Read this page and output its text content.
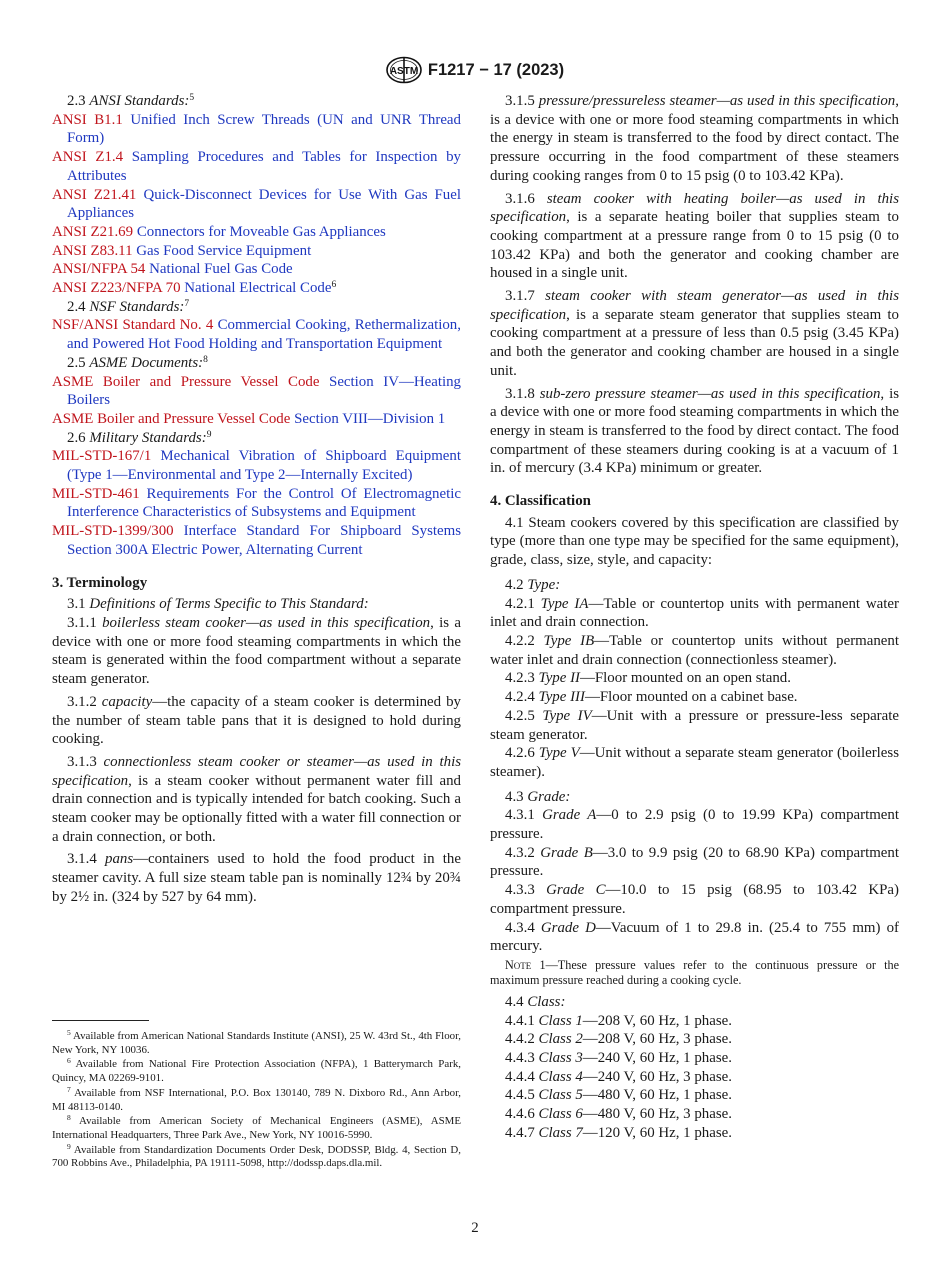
ASTM F1217 − 17 (2023)

2.3 ANSI Standards:$^5$

ANSI B1.1 Unified Inch Screw Threads (UN and UNR Thread Form)

ANSI Z1.4 Sampling Procedures and Tables for Inspection by Attributes

ANSI Z21.41 Quick-Disconnect Devices for Use With Gas Fuel Appliances

ANSI Z21.69 Connectors for Moveable Gas Appliances

ANSI Z83.11 Gas Food Service Equipment

ANSI/NFPA 54 National Fuel Gas Code

ANSI Z223/NFPA 70 National Electrical Code$^6$

2.4 NSF Standards:$^7$

NSF/ANSI Standard No. 4 Commercial Cooking, Rethermalization, and Powered Hot Food Holding and Transportation Equipment

2.5 ASME Documents:$^8$

ASME Boiler and Pressure Vessel Code Section IV—Heating Boilers

ASME Boiler and Pressure Vessel Code Section VIII—Division 1

2.6 Military Standards:$^9$

MIL-STD-167/1 Mechanical Vibration of Shipboard Equipment (Type 1—Environmental and Type 2—Internally Excited)

MIL-STD-461 Requirements For the Control Of Electromagnetic Interference Characteristics of Subsystems and Equipment

MIL-STD-1399/300 Interface Standard For Shipboard Systems Section 300A Electric Power, Alternating Current

3. Terminology

3.1 Definitions of Terms Specific to This Standard:

3.1.1 boilerless steam cooker—as used in this specification, is a device with one or more food steaming compartments in which the steam is generated within the food compartment without a separate steam generator.

3.1.2 capacity—the capacity of a steam cooker is determined by the number of steam table pans that it is designed to hold during cooking.

3.1.3 connectionless steam cooker or steamer—as used in this specification, is a steam cooker without permanent water fill and drain connection and is typically intended for batch cooking. Such a steam cooker may be optionally fitted with a water fill connection or a drain connection, or both.

3.1.4 pans—containers used to hold the food product in the steamer cavity. A full size steam table pan is nominally 12¾ by 20¾ by 2½ in. (324 by 527 by 64 mm).

$^5$ Available from American National Standards Institute (ANSI), 25 W. 43rd St., 4th Floor, New York, NY 10036.

$^6$ Available from National Fire Protection Association (NFPA), 1 Batterymarch Park, Quincy, MA 02269-9101.

$^7$ Available from NSF International, P.O. Box 130140, 789 N. Dixboro Rd., Ann Arbor, MI 48113-0140.

$^8$ Available from American Society of Mechanical Engineers (ASME), ASME International Headquarters, Three Park Ave., New York, NY 10016-5990.

$^9$ Available from Standardization Documents Order Desk, DODSSP, Bldg. 4, Section D, 700 Robbins Ave., Philadelphia, PA 19111-5098, http://dodssp.daps.dla.mil.

3.1.5 pressure/pressureless steamer—as used in this specification, is a device with one or more food steaming compartments in which the energy in steam is transferred to the food by direct contact. The pressure occurring in the food compartment of these steamers during cooking ranges from 0 to 15 psig (0 to 103.42 KPa).

3.1.6 steam cooker with heating boiler—as used in this specification, is a separate heating boiler that supplies steam to cooking compartment at a pressure range from 0 to 15 psig (0 to 103.42 KPa) and both the generator and cooking chamber are housed in a single unit.

3.1.7 steam cooker with steam generator—as used in this specification, is a separate steam generator that supplies steam to cooking compartment at a pressure of less than 0.5 psig (3.45 KPa) and both the generator and cooking chamber are housed in a single unit.

3.1.8 sub-zero pressure steamer—as used in this specification, is a device with one or more food steaming compartments in which the energy in steam is transferred to the food by direct contact. The food compartment of these steamers during cooking is at a vacuum of 1 in. of mercury (3.4 KPa) minimum or greater.

4. Classification

4.1 Steam cookers covered by this specification are classified by type (more than one type may be specified for the same equipment), grade, class, size, style, and capacity:

4.2 Type:

4.2.1 Type IA—Table or countertop units with permanent water inlet and drain connection.

4.2.2 Type IB—Table or countertop units without permanent water inlet and drain connection (connectionless steamer).

4.2.3 Type II—Floor mounted on an open stand.

4.2.4 Type III—Floor mounted on a cabinet base.

4.2.5 Type IV—Unit with a pressure or pressure-less separate steam generator.

4.2.6 Type V—Unit without a separate steam generator (boilerless steamer).

4.3 Grade:

4.3.1 Grade A—0 to 2.9 psig (0 to 19.99 KPa) compartment pressure.

4.3.2 Grade B—3.0 to 9.9 psig (20 to 68.90 KPa) compartment pressure.

4.3.3 Grade C—10.0 to 15 psig (68.95 to 103.42 KPa) compartment pressure.

4.3.4 Grade D—Vacuum of 1 to 29.8 in. (25.4 to 755 mm) of mercury.

Note 1—These pressure values refer to the continuous pressure or the maximum pressure reached during a cooking cycle.

4.4 Class:

4.4.1 Class 1—208 V, 60 Hz, 1 phase.

4.4.2 Class 2—208 V, 60 Hz, 3 phase.

4.4.3 Class 3—240 V, 60 Hz, 1 phase.

4.4.4 Class 4—240 V, 60 Hz, 3 phase.

4.4.5 Class 5—480 V, 60 Hz, 1 phase.

4.4.6 Class 6—480 V, 60 Hz, 3 phase.

4.4.7 Class 7—120 V, 60 Hz, 1 phase.

2
